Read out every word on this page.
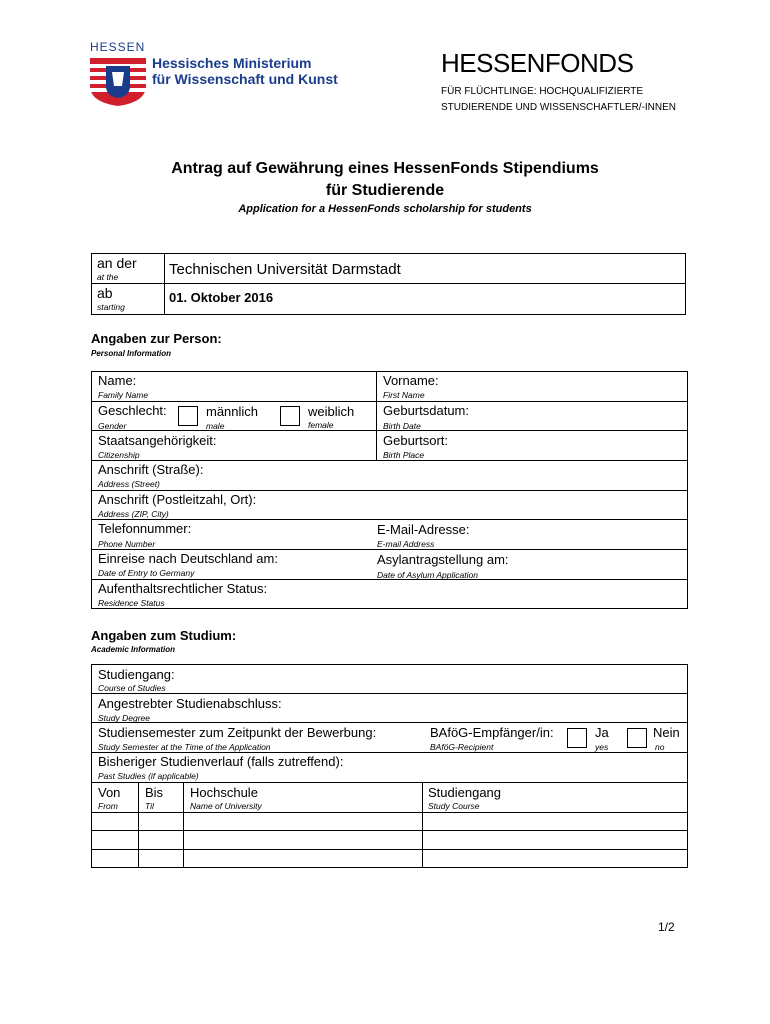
HESSEN
Hessisches Ministerium
für Wissenschaft und Kunst
HESSENFONDS
FÜR FLÜCHTLINGE: HOCHQUALIFIZIERTE
STUDIERENDE UND WISSENSCHAFTLER/-INNEN
Antrag auf Gewährung eines HessenFonds Stipendiums
für Studierende
Application for a HessenFonds scholarship for students
an der
at the	Technischen Universität Darmstadt
ab
starting
01. Oktober 2016
Angaben zur Person:
Personal Information
Name:
Family Name
Vorname:
First Name
Geschlecht:
Gender
männlich
male
weiblich
female
Geburtsdatum:
Birth Date
Staatsangehörigkeit:
Citizenship
Geburtsort:
Birth Place
Anschrift (Straße):
Address (Street)
Anschrift (Postleitzahl, Ort):
Address (ZIP, City)
Telefonnummer:
Phone Number
E-Mail-Adresse:
E-mail Address
Einreise nach Deutschland am:
Date of Entry to Germany
Asylantragstellung am:
Date of Asylum Application
Aufenthaltsrechtlicher Status:
Residence Status
Angaben zum Studium:
Academic Information
Studiengang:
Course of Studies
Angestrebter Studienabschluss:
Study Degree
Studiensemester zum Zeitpunkt der Bewerbung:
Study Semester at the Time of the Application
BAföG-Empfänger/in:
BAföG-Recipient
Ja
yes
Nein
no
Bisheriger Studienverlauf (falls zutreffend):
Past Studies (if applicable)
Von
From
Bis
Til
Hochschule
Name of University
Studiengang
Study Course
1/2
